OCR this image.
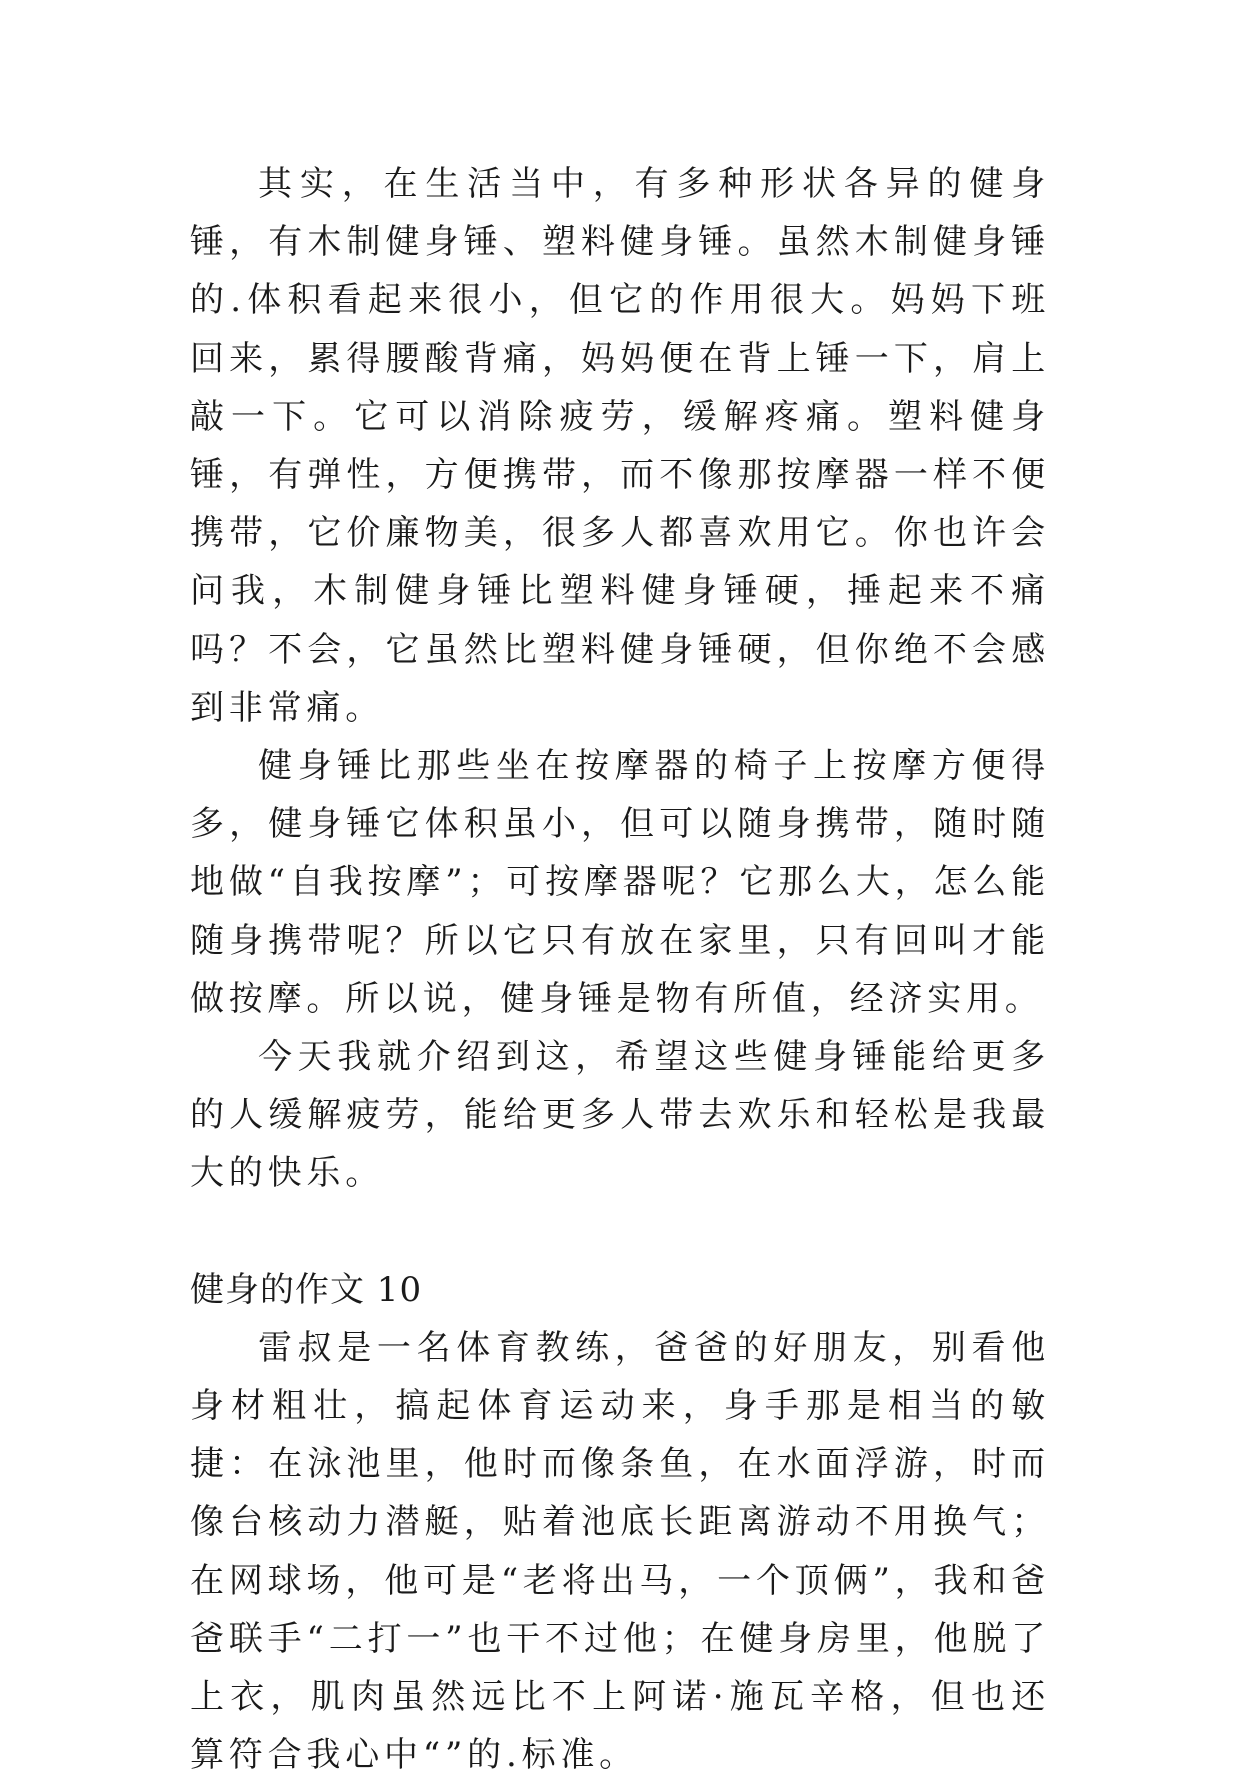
其实，在生活当中，有多种形状各异的健身锤，有木制健身锤、塑料健身锤。虽然木制健身锤的.体积看起来很小，但它的作用很大。妈妈下班回来，累得腰酸背痛，妈妈便在背上锤一下，肩上敲一下。它可以消除疲劳，缓解疼痛。塑料健身锤，有弹性，方便携带，而不像那按摩器一样不便携带，它价廉物美，很多人都喜欢用它。你也许会问我，木制健身锤比塑料健身锤硬，捶起来不痛吗？不会，它虽然比塑料健身锤硬，但你绝不会感到非常痛。

健身锤比那些坐在按摩器的椅子上按摩方便得多，健身锤它体积虽小，但可以随身携带，随时随地做“自我按摩”；可按摩器呢？它那么大，怎么能随身携带呢？所以它只有放在家里，只有回叫才能做按摩。所以说，健身锤是物有所值，经济实用。

今天我就介绍到这，希望这些健身锤能给更多的人缓解疲劳，能给更多人带去欢乐和轻松是我最大的快乐。

健身的作文 10

雷叔是一名体育教练，爸爸的好朋友，别看他身材粗壮，搞起体育运动来，身手那是相当的敏捷：在泳池里，他时而像条鱼，在水面浮游，时而像台核动力潜艇，贴着池底长距离游动不用换气；在网球场，他可是“老将出马，一个顶俩”，我和爸爸联手“二打一”也干不过他；在健身房里，他脱了上衣，肌肉虽然远比不上阿诺·施瓦辛格，但也还算符合我心中“”的.标准。
